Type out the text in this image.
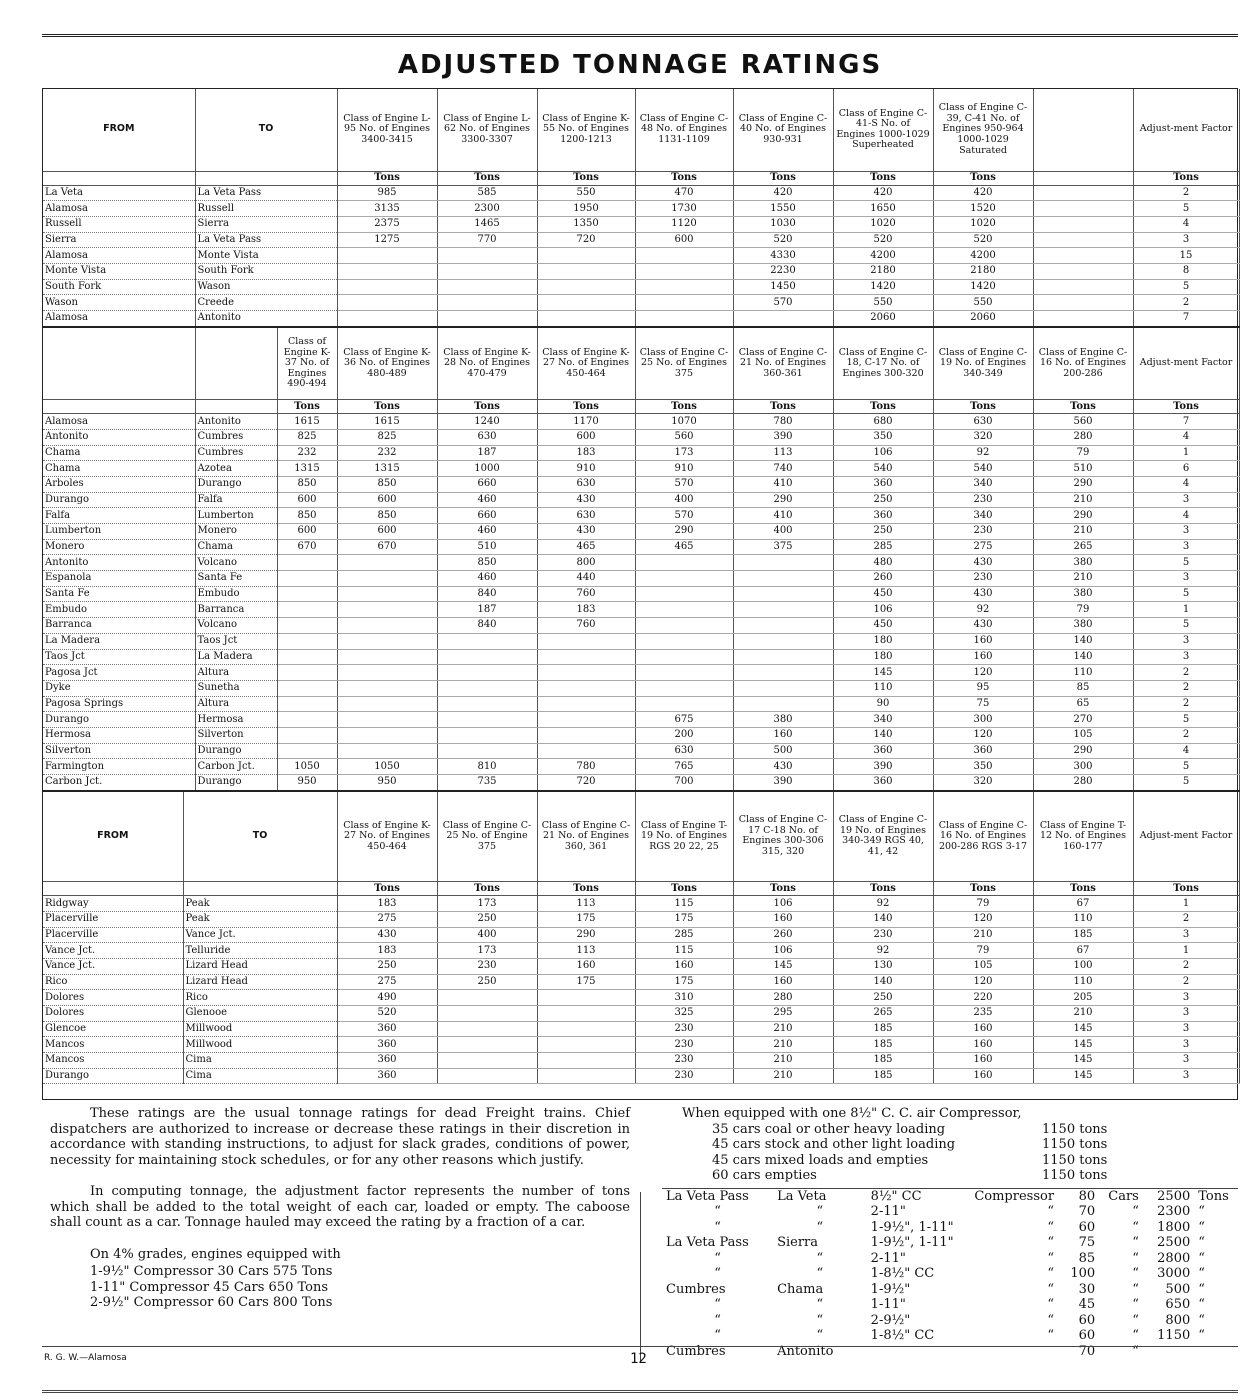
ADJUSTED TONNAGE RATINGS
FROM	TO	Class of Engine L-95 No. of Engines 3400-3415	Class of Engine L-62 No. of Engines 3300-3307	Class of Engine K-55 No. of Engines 1200-1213	Class of Engine C-48 No. of Engines 1131-1109	Class of Engine C-40 No. of Engines 930-931	Class of Engine C-41-S No. of Engines 1000-1029 Superheated	Class of Engine C-39, C-41 No. of Engines 950-964 1000-1029 Saturated		Adjust-ment Factor
		Tons	Tons	Tons	Tons	Tons	Tons	Tons		Tons
La Veta	La Veta Pass	985	585	550	470	420	420	420		2
Alamosa	Russell	3135	2300	1950	1730	1550	1650	1520		5
Russell	Sierra	2375	1465	1350	1120	1030	1020	1020		4
Sierra	La Veta Pass	1275	770	720	600	520	520	520		3
Alamosa	Monte Vista					4330	4200	4200		15
Monte Vista	South Fork					2230	2180	2180		8
South Fork	Wason					1450	1420	1420		5
Wason	Creede					570	550	550		2
Alamosa	Antonito						2060	2060		7
		Class of Engine K-37 No. of Engines 490-494	Class of Engine K-36 No. of Engines 480-489	Class of Engine K-28 No. of Engines 470-479	Class of Engine K-27 No. of Engines 450-464	Class of Engine C-25 No. of Engines 375	Class of Engine C-21 No. of Engines 360-361	Class of Engine C-18, C-17 No. of Engines 300-320	Class of Engine C-19 No. of Engines 340-349	Class of Engine C-16 No. of Engines 200-286	Adjust-ment Factor
		Tons	Tons	Tons	Tons	Tons	Tons	Tons	Tons	Tons	Tons
Alamosa	Antonito	1615	1615	1240	1170	1070	780	680	630	560	7
Antonito	Cumbres	825	825	630	600	560	390	350	320	280	4
Chama	Cumbres	232	232	187	183	173	113	106	92	79	1
Chama	Azotea	1315	1315	1000	910	910	740	540	540	510	6
Arboles	Durango	850	850	660	630	570	410	360	340	290	4
Durango	Falfa	600	600	460	430	400	290	250	230	210	3
Falfa	Lumberton	850	850	660	630	570	410	360	340	290	4
Lumberton	Monero	600	600	460	430	290	400	250	230	210	3
Monero	Chama	670	670	510	465	465	375	285	275	265	3
Antonito	Volcano			850	800			480	430	380	5
Espanola	Santa Fe			460	440			260	230	210	3
Santa Fe	Embudo			840	760			450	430	380	5
Embudo	Barranca			187	183			106	92	79	1
Barranca	Volcano			840	760			450	430	380	5
La Madera	Taos Jct							180	160	140	3
Taos Jct	La Madera							180	160	140	3
Pagosa Jct	Altura							145	120	110	2
Dyke	Sunetha							110	95	85	2
Pagosa Springs	Altura							90	75	65	2
Durango	Hermosa					675	380	340	300	270	5
Hermosa	Silverton					200	160	140	120	105	2
Silverton	Durango					630	500	360	360	290	4
Farmington	Carbon Jct.	1050	1050	810	780	765	430	390	350	300	5
Carbon Jct.	Durango	950	950	735	720	700	390	360	320	280	5
FROM	TO	Class of Engine K-27 No. of Engines 450-464	Class of Engine C-25 No. of Engine 375	Class of Engine C-21 No. of Engines 360, 361	Class of Engine T-19 No. of Engines RGS 20 22, 25	Class of Engine C-17 C-18 No. of Engines 300-306 315, 320	Class of Engine C-19 No. of Engines 340-349 RGS 40, 41, 42	Class of Engine C-16 No. of Engines 200-286 RGS 3-17	Class of Engine T-12 No. of Engines 160-177	Adjust-ment Factor
		Tons	Tons	Tons	Tons	Tons	Tons	Tons	Tons	Tons
Ridgway	Peak	183	173	113	115	106	92	79	67	1
Placerville	Peak	275	250	175	175	160	140	120	110	2
Placerville	Vance Jct.	430	400	290	285	260	230	210	185	3
Vance Jct.	Telluride	183	173	113	115	106	92	79	67	1
Vance Jct.	Lizard Head	250	230	160	160	145	130	105	100	2
Rico	Lizard Head	275	250	175	175	160	140	120	110	2
Dolores	Rico	490			310	280	250	220	205	3
Dolores	Glenooe	520			325	295	265	235	210	3
Glencoe	Millwood	360			230	210	185	160	145	3
Mancos	Millwood	360			230	210	185	160	145	3
Mancos	Cima	360			230	210	185	160	145	3
Durango	Cima	360			230	210	185	160	145	3

These ratings are the usual tonnage ratings for dead Freight trains. Chief dispatchers are authorized to increase or decrease these ratings in their discretion in accordance with standing instructions, to adjust for slack grades, conditions of power, necessity for maintaining stock schedules, or for any other reasons which justify.

In computing tonnage, the adjustment factor represents the number of tons which shall be added to the total weight of each car, loaded or empty. The caboose shall count as a car. Tonnage hauled may exceed the rating by a fraction of a car.

On 4% grades, engines equipped with

1-9½" Compressor 30 Cars 575 Tons
1-11" Compressor 45 Cars 650 Tons
2-9½" Compressor 60 Cars 800 Tons
When equipped with one 8½" C. C. air Compressor,
35 cars coal or other heavy loading	1150 tons
45 cars stock and other light loading	1150 tons
45 cars mixed loads and empties	1150 tons
60 cars empties	1150 tons
La Veta Pass	La Veta	8½" CC	Compressor	80	Cars	2500	Tons
“	“	2-11"	“	70	“	2300	“
“	“	1-9½", 1-11"	“	60	“	1800	“
La Veta Pass	Sierra	1-9½", 1-11"	“	75	“	2500	“
“	“	2-11"	“	85	“	2800	“
“	“	1-8½" CC	“	100	“	3000	“
Cumbres	Chama	1-9½"	“	30	“	500	“
“	“	1-11"	“	45	“	650	“
“	“	2-9½"	“	60	“	800	“
“	“	1-8½" CC	“	60	“	1150	“
Cumbres	Antonito			70	“		
R. G. W.—Alamosa	12
